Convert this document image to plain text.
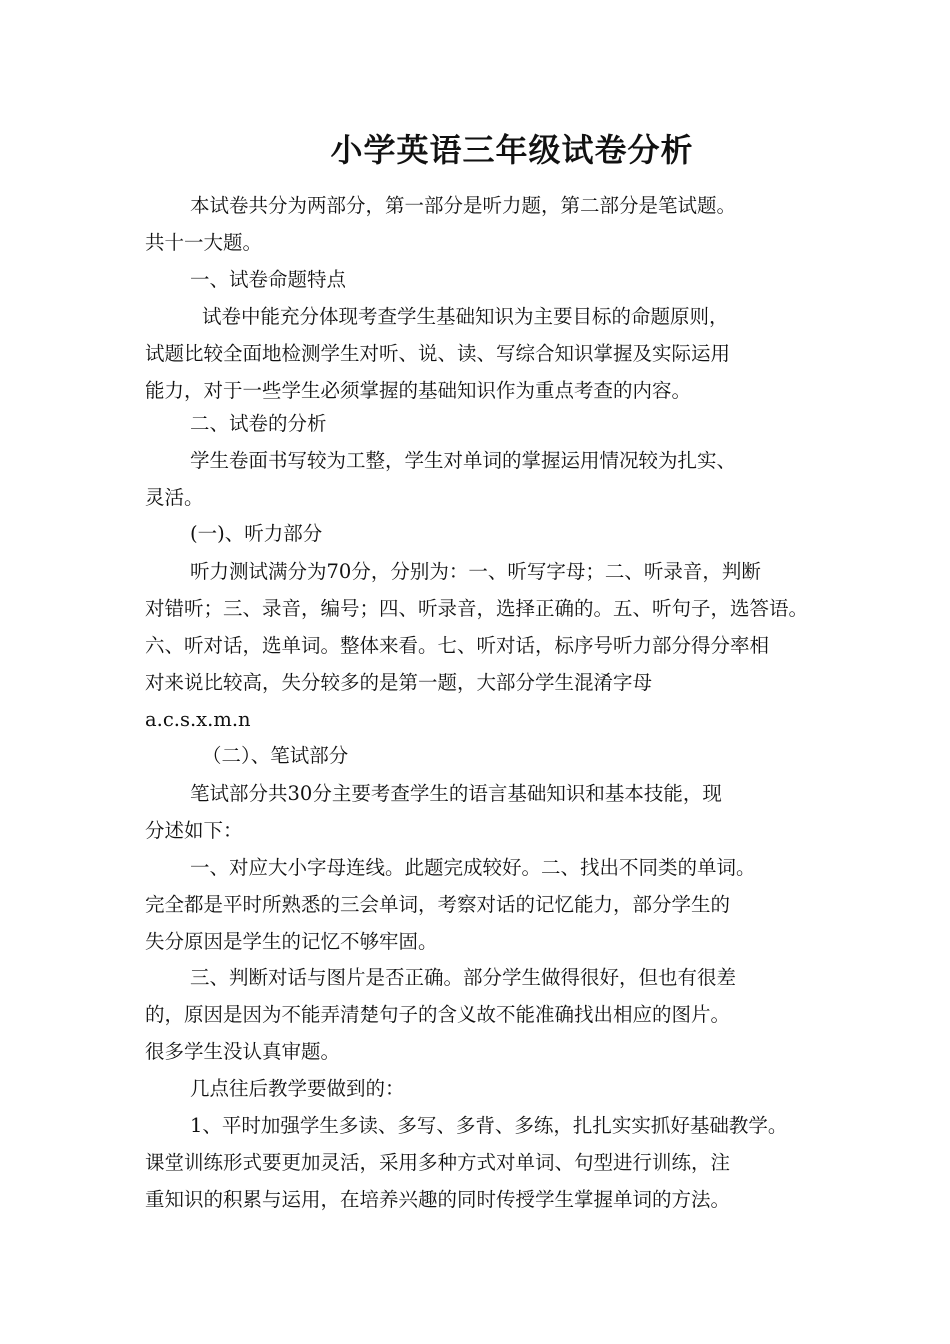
小学英语三年级试卷分析
本试卷共分为两部分，第一部分是听力题，第二部分是笔试题。
共十一大题。
一、试卷命题特点
试卷中能充分体现考查学生基础知识为主要目标的命题原则，
试题比较全面地检测学生对听、说、读、写综合知识掌握及实际运用
能力，对于一些学生必须掌握的基础知识作为重点考查的内容。
二、试卷的分析
学生卷面书写较为工整，学生对单词的掌握运用情况较为扎实、
灵活。
(一)、听力部分
听力测试满分为70分，分别为：一、听写字母；二、听录音，判断
对错听；三、录音，编号；四、听录音，选择正确的。五、听句子，选答语。
六、听对话，选单词。整体来看。七、听对话，标序号听力部分得分率相
对来说比较高，失分较多的是第一题，大部分学生混淆字母
a.c.s.x.m.n
（二）、笔试部分
笔试部分共30分主要考查学生的语言基础知识和基本技能，现
分述如下：
一、对应大小字母连线。此题完成较好。二、找出不同类的单词。
完全都是平时所熟悉的三会单词，考察对话的记忆能力，部分学生的
失分原因是学生的记忆不够牢固。
三、判断对话与图片是否正确。部分学生做得很好，但也有很差
的，原因是因为不能弄清楚句子的含义故不能准确找出相应的图片。
很多学生没认真审题。
几点往后教学要做到的：
1、平时加强学生多读、多写、多背、多练，扎扎实实抓好基础教学。
课堂训练形式要更加灵活，采用多种方式对单词、句型进行训练，注
重知识的积累与运用，在培养兴趣的同时传授学生掌握单词的方法。
